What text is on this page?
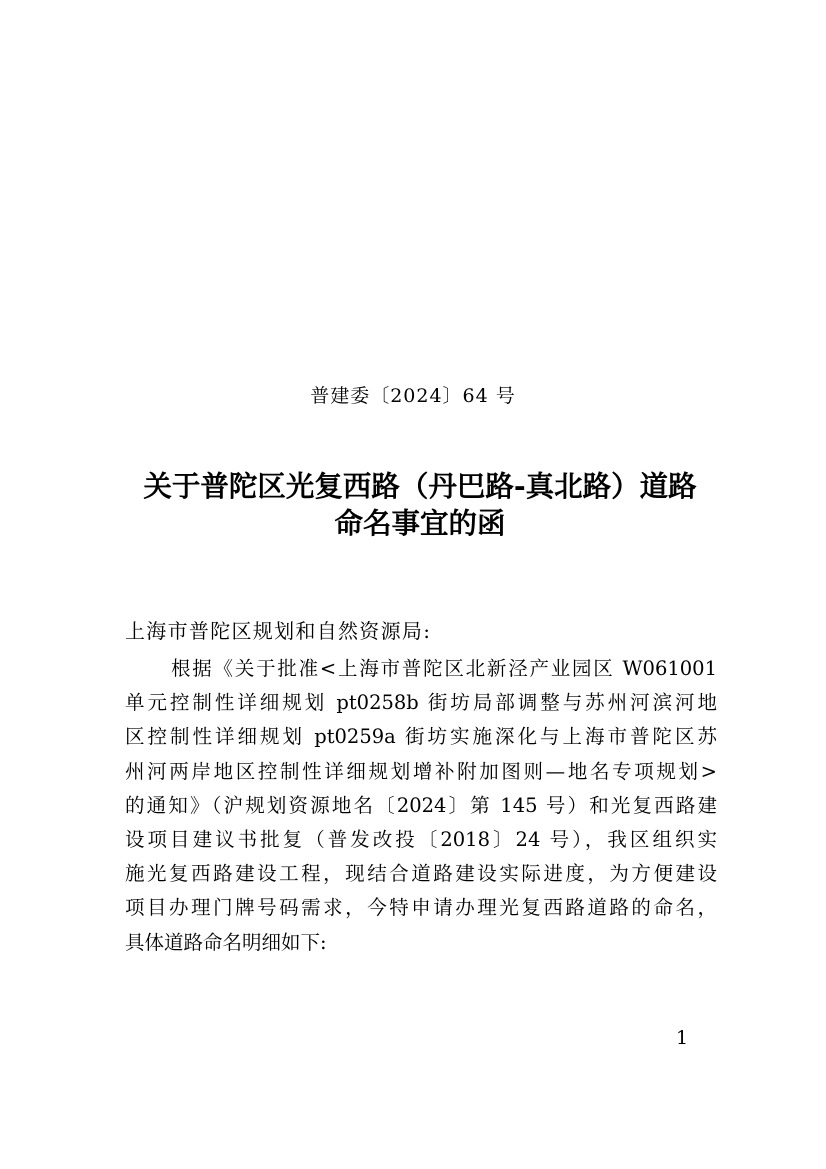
普建委〔2024〕64 号
关于普陀区光复西路（丹巴路-真北路）道路
命名事宜的函
上海市普陀区规划和自然资源局:
根据《关于批准<上海市普陀区北新泾产业园区 W061001
单元控制性详细规划 pt0258b 街坊局部调整与苏州河滨河地
区控制性详细规划 pt0259a 街坊实施深化与上海市普陀区苏
州河两岸地区控制性详细规划增补附加图则—地名专项规划>
的通知》（沪规划资源地名〔2024〕第 145 号）和光复西路建
设项目建议书批复（普发改投〔2018〕24 号），我区组织实
施光复西路建设工程，现结合道路建设实际进度，为方便建设
项目办理门牌号码需求，今特申请办理光复西路道路的命名，
具体道路命名明细如下:
1
